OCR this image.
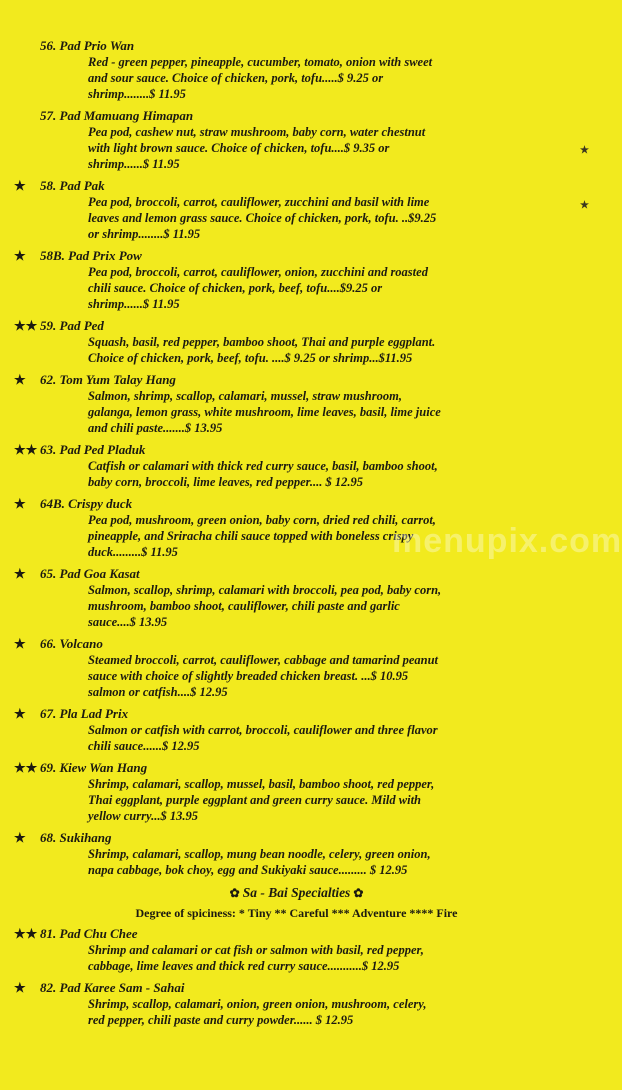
56. Pad Prio Wan
Red - green pepper, pineapple, cucumber, tomato, onion with sweet
and sour sauce. Choice of chicken, pork, tofu.....$ 9.25 or
shrimp........$ 11.95
57. Pad Mamuang Himapan
Pea pod, cashew nut, straw mushroom, baby corn, water chestnut
with light brown sauce. Choice of chicken, tofu....$ 9.35 or
shrimp......$ 11.95
★	58. Pad Pak
Pea pod, broccoli, carrot, cauliflower, zucchini and basil with lime
leaves and lemon grass sauce. Choice of chicken, pork, tofu. ..$9.25
or shrimp........$ 11.95
★	58B. Pad Prix Pow
Pea pod, broccoli, carrot, cauliflower, onion, zucchini and roasted
chili sauce. Choice of chicken, pork, beef, tofu....$9.25 or
shrimp......$ 11.95
★★ 59. Pad Ped
Squash, basil, red pepper, bamboo shoot, Thai and purple eggplant.
Choice of chicken, pork, beef, tofu. ....$ 9.25 or shrimp...$11.95
★	62. Tom Yum Talay Hang
Salmon, shrimp, scallop, calamari, mussel, straw mushroom,
galanga, lemon grass, white mushroom, lime leaves, basil, lime juice
and chili paste.......$ 13.95
★★ 63. Pad Ped Pladuk
Catfish or calamari with thick red curry sauce, basil, bamboo shoot,
baby corn, broccoli, lime leaves, red pepper.... $ 12.95
★	64B. Crispy duck
Pea pod, mushroom, green onion, baby corn, dried red chili, carrot,
pineapple, and Sriracha chili sauce topped with boneless crispy
duck.........$ 11.95
★	65. Pad Goa Kasat
Salmon, scallop, shrimp, calamari with broccoli, pea pod, baby corn,
mushroom, bamboo shoot, cauliflower, chili paste and garlic
sauce....$ 13.95
★	66. Volcano
Steamed broccoli, carrot, cauliflower, cabbage and tamarind peanut
sauce with choice of slightly breaded chicken breast. ...$ 10.95
salmon or catfish....$ 12.95
★	67. Pla Lad Prix
Salmon or catfish with carrot, broccoli, cauliflower and three flavor
chili sauce......$ 12.95
★★ 69. Kiew Wan Hang
Shrimp, calamari, scallop, mussel, basil, bamboo shoot, red pepper,
Thai eggplant, purple eggplant and green curry sauce. Mild with
yellow curry...$ 13.95
★	68. Sukihang
Shrimp, calamari, scallop, mung bean noodle, celery, green onion,
napa cabbage, bok choy, egg and Sukiyaki sauce......... $ 12.95
✿ Sa - Bai Specialties ✿
Degree of spiciness: * Tiny ** Careful *** Adventure **** Fire
★★ 81. Pad Chu Chee
Shrimp and calamari or cat fish or salmon with basil, red pepper,
cabbage, lime leaves and thick red curry sauce...........$ 12.95
★	82. Pad Karee Sam - Sahai
Shrimp, scallop, calamari, onion, green onion, mushroom, celery,
red pepper, chili paste and curry powder...... $ 12.95
★
★
menupix.com
